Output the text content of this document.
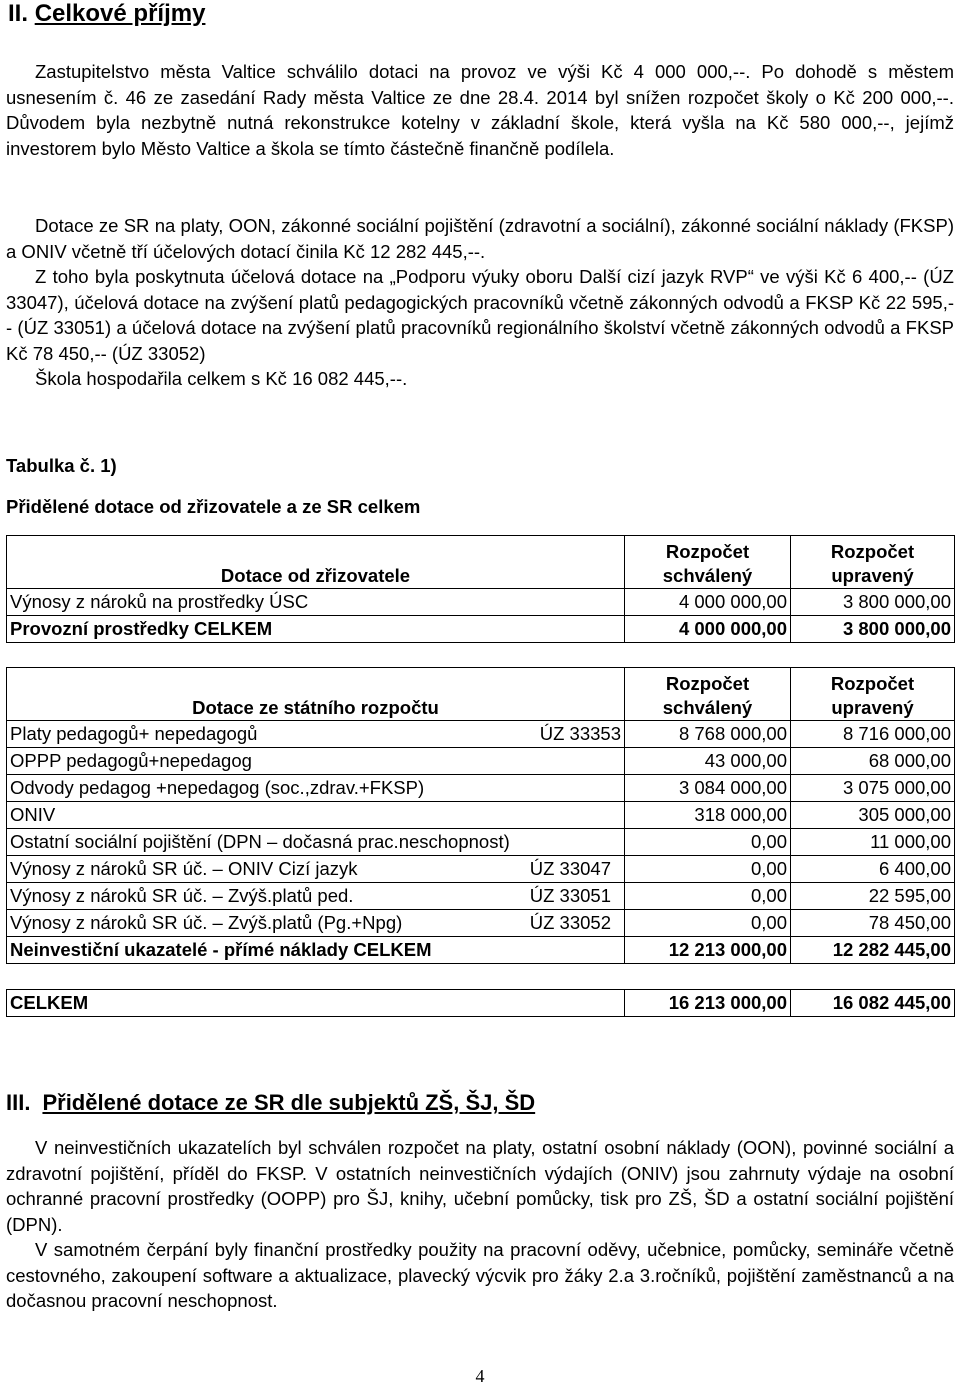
II. Celkové příjmy

Zastupitelstvo města Valtice schválilo dotaci na provoz ve výši Kč 4 000 000,--. Po dohodě s městem usnesením č. 46 ze zasedání Rady města Valtice ze dne 28.4. 2014 byl snížen rozpočet školy o Kč 200 000,--. Důvodem byla nezbytně nutná rekonstrukce kotelny v základní škole, která vyšla na Kč 580 000,--, jejímž investorem bylo Město Valtice a škola se tímto částečně finančně podílela.

Dotace ze SR na platy, OON, zákonné sociální pojištění (zdravotní a sociální), zákonné sociální náklady (FKSP) a ONIV včetně tří účelových dotací činila Kč 12 282 445,--.

Z toho byla poskytnuta účelová dotace na „Podporu výuky oboru Další cizí jazyk RVP“ ve výši Kč 6 400,-- (ÚZ 33047), účelová dotace na zvýšení platů pedagogických pracovníků včetně zákonných odvodů a FKSP Kč 22 595,-- (ÚZ 33051) a účelová dotace na zvýšení platů pracovníků regionálního školství včetně zákonných odvodů a FKSP Kč 78 450,-- (ÚZ 33052)

Škola hospodařila celkem s Kč 16 082 445,--.

Tabulka č. 1)
Přidělené dotace od zřizovatele a ze SR celkem
Dotace od zřizovatele	Rozpočet schválený	Rozpočet upravený
Výnosy z nároků na prostředky ÚSC	4 000 000,00	3 800 000,00
Provozní prostředky CELKEM	4 000 000,00	3 800 000,00
Dotace ze státního rozpočtu	Rozpočet schválený	Rozpočet upravený

Platy pedagogů+ nepedagogů ÚZ 33353	8 768 000,00	8 716 000,00
OPPP pedagogů+nepedagog	43 000,00	68 000,00
Odvody pedagog +nepedagog (soc.,zdrav.+FKSP)	3 084 000,00	3 075 000,00
ONIV	318 000,00	305 000,00
Ostatní sociální pojištění (DPN – dočasná prac.neschopnost)	0,00	11 000,00

Výnosy z nároků SR úč. – ONIV Cizí jazyk ÚZ 33047	0,00	6 400,00

Výnosy z nároků SR úč. – Zvýš.platů ped. ÚZ 33051	0,00	22 595,00

Výnosy z nároků SR úč. – Zvýš.platů (Pg.+Npg) ÚZ 33052	0,00	78 450,00
Neinvestiční ukazatelé - přímé náklady CELKEM	12 213 000,00	12 282 445,00
CELKEM	16 213 000,00	16 082 445,00
III. Přidělené dotace ze SR dle subjektů ZŠ, ŠJ, ŠD

V neinvestičních ukazatelích byl schválen rozpočet na platy, ostatní osobní náklady (OON), povinné sociální a zdravotní pojištění, příděl do FKSP. V ostatních neinvestičních výdajích (ONIV) jsou zahrnuty výdaje na osobní ochranné pracovní prostředky (OOPP) pro ŠJ, knihy, učební pomůcky, tisk pro ZŠ, ŠD a ostatní sociální pojištění (DPN).

V samotném čerpání byly finanční prostředky použity na pracovní oděvy, učebnice, pomůcky, semináře včetně cestovného, zakoupení software a aktualizace, plavecký výcvik pro žáky 2.a 3.ročníků, pojištění zaměstnanců a na dočasnou pracovní neschopnost.

4
